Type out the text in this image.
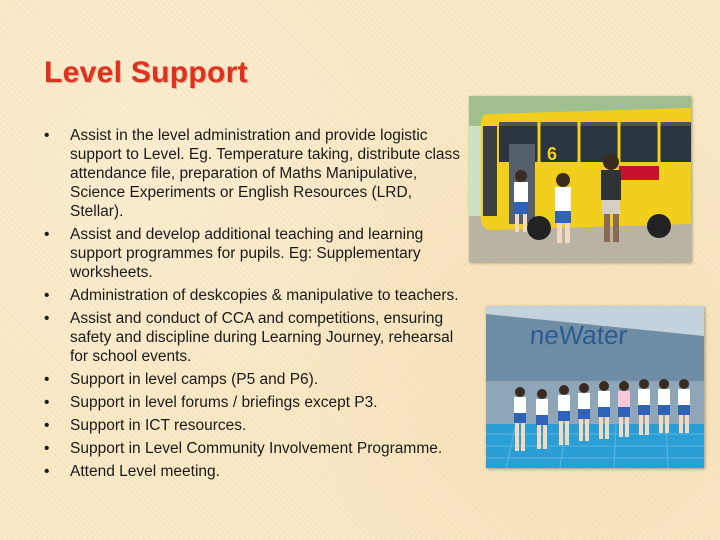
Level Support
•	Assist in the level administration and provide logistic support to Level. Eg. Temperature taking, distribute class attendance file, preparation of Maths Manipulative, Science Experiments or English Resources (LRD, Stellar).
•	Assist and develop additional teaching and learning support programmes for pupils. Eg: Supplementary worksheets.
•	Administration of deskcopies & manipulative to teachers.
•	Assist and conduct of CCA and competitions, ensuring safety and discipline during Learning Journey, rehearsal for school events.
•	Support in level camps (P5 and P6).
•	Support in level forums / briefings except P3.
•	Support in ICT resources.
•	Support in Level Community Involvement Programme.
•	Attend Level meeting.
6
neWater
